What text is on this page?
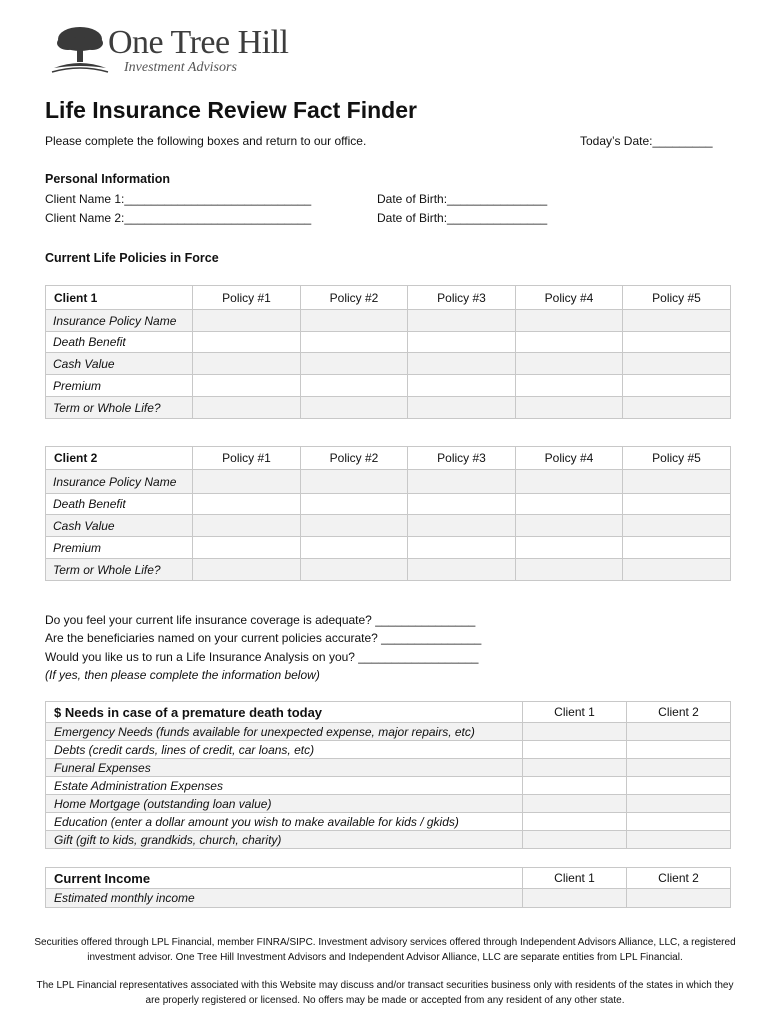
One Tree Hill
Investment Advisors
Life Insurance Review Fact Finder
Please complete the following boxes and return to our office.	Today’s Date:_________
Personal Information
Client Name 1:____________________________
Client Name 2:____________________________
Date of Birth:_______________
Date of Birth:_______________
Current Life Policies in Force
Client 1	Policy #1	Policy #2	Policy #3	Policy #4	Policy #5
Insurance Policy Name					
Death Benefit					
Cash Value					
Premium					
Term or Whole Life?					
Client 2	Policy #1	Policy #2	Policy #3	Policy #4	Policy #5
Insurance Policy Name					
Death Benefit					
Cash Value					
Premium					
Term or Whole Life?					
Do you feel your current life insurance coverage is adequate? _______________
Are the beneficiaries named on your current policies accurate? _______________
Would you like us to run a Life Insurance Analysis on you? __________________
(If yes, then please complete the information below)
$ Needs in case of a premature death today	Client 1	Client 2
Emergency Needs (funds available for unexpected expense, major repairs, etc)		
Debts (credit cards, lines of credit, car loans, etc)		
Funeral Expenses		
Estate Administration Expenses		
Home Mortgage (outstanding loan value)		
Education (enter a dollar amount you wish to make available for kids / gkids)		
Gift (gift to kids, grandkids, church, charity)		
Current Income	Client 1	Client 2
Estimated monthly income		
Securities offered through LPL Financial, member FINRA/SIPC. Investment advisory services offered through Independent Advisors Alliance, LLC, a registered investment advisor. One Tree Hill Investment Advisors and Independent Advisor Alliance, LLC are separate entities from LPL Financial.
The LPL Financial representatives associated with this Website may discuss and/or transact securities business only with residents of the states in which they are properly registered or licensed. No offers may be made or accepted from any resident of any other state.
